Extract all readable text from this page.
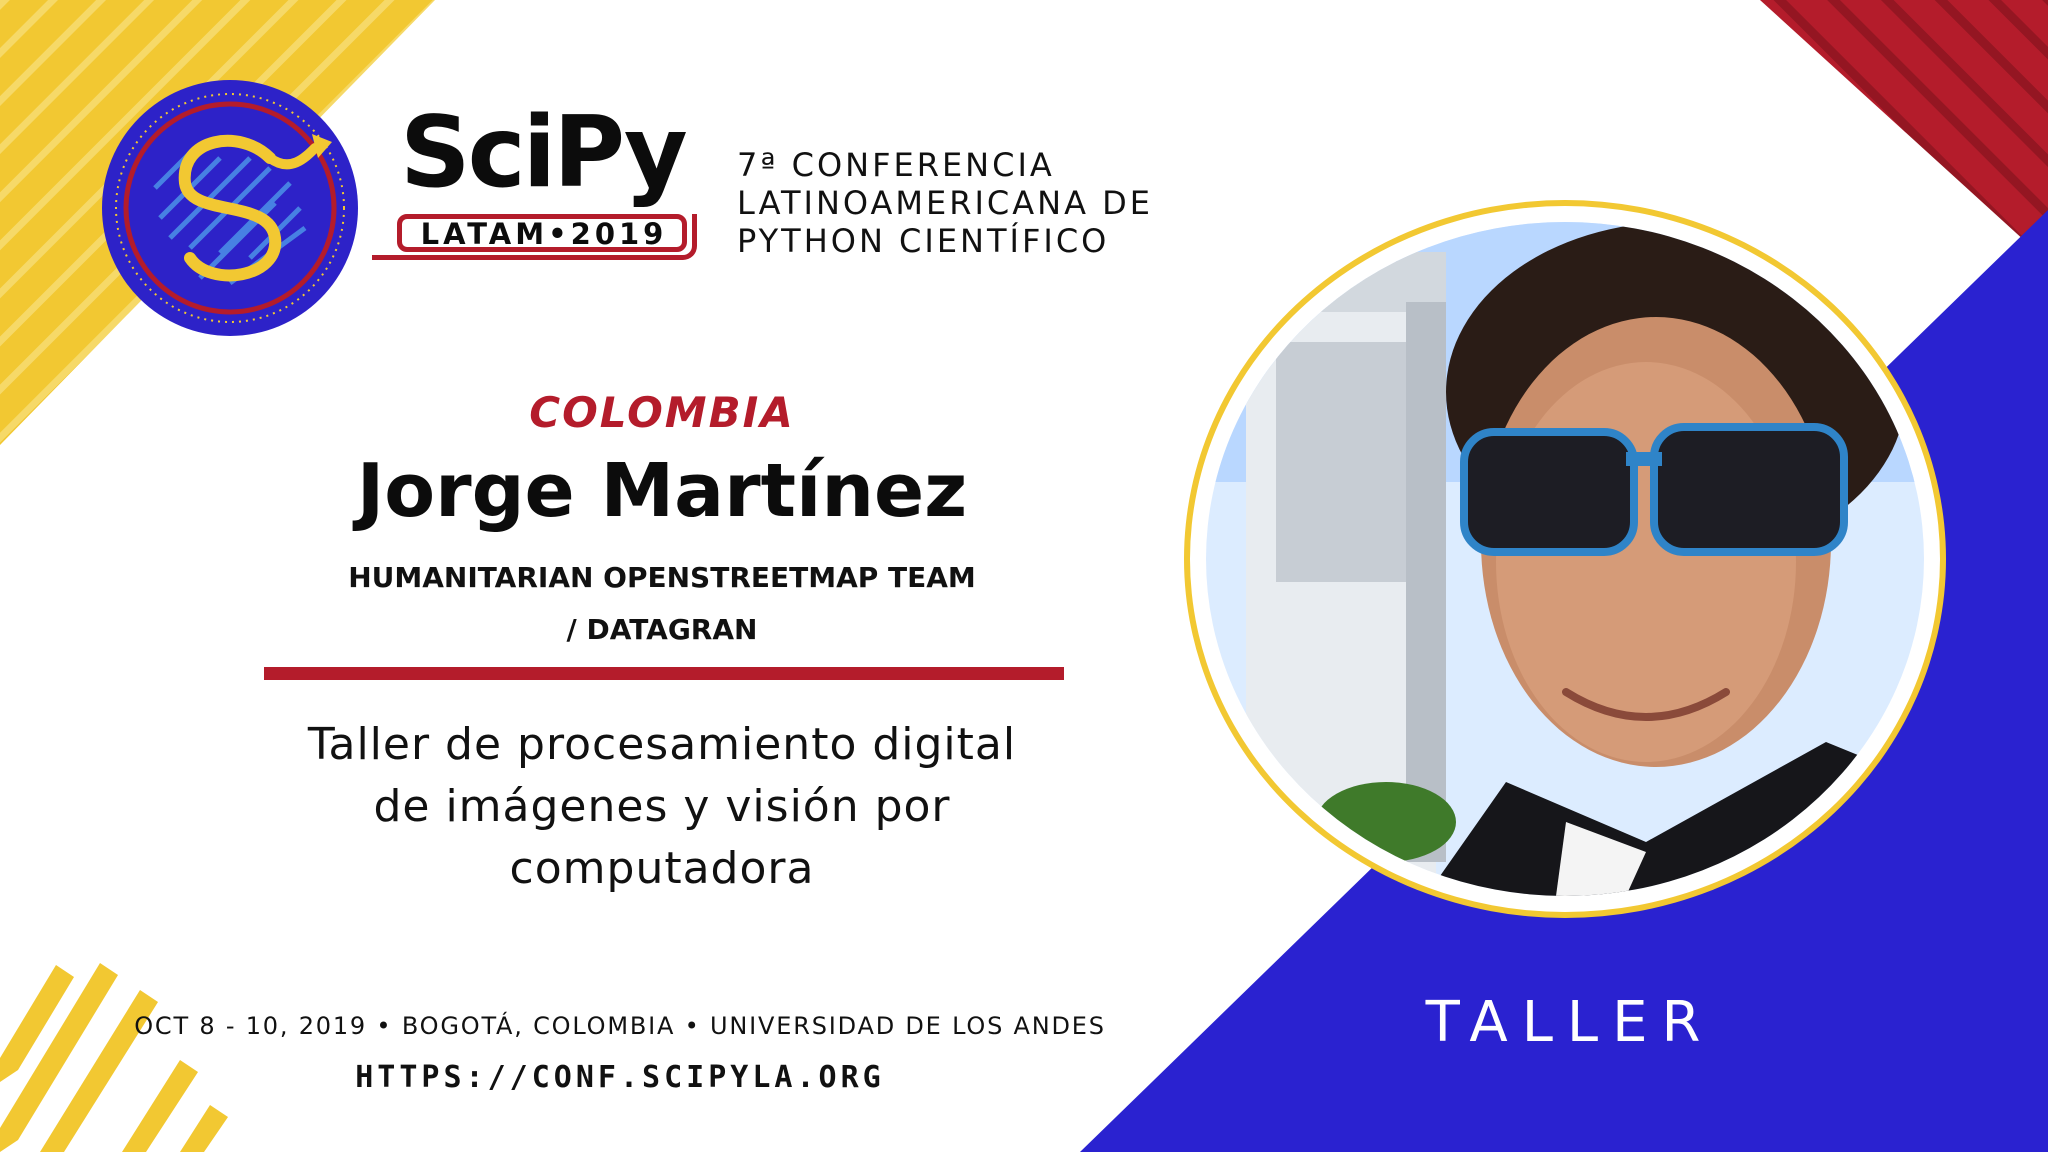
SciPy
LATAM•2019
7ª CONFERENCIA
LATINOAMERICANA DE
PYTHON CIENTÍFICO
COLOMBIA
Jorge Martínez
HUMANITARIAN OPENSTREETMAP TEAM
/ DATAGRAN
Taller de procesamiento digital
de imágenes y visión por
computadora
OCT 8 - 10, 2019 • BOGOTÁ, COLOMBIA • UNIVERSIDAD DE LOS ANDES
HTTPS://CONF.SCIPYLA.ORG
TALLER
